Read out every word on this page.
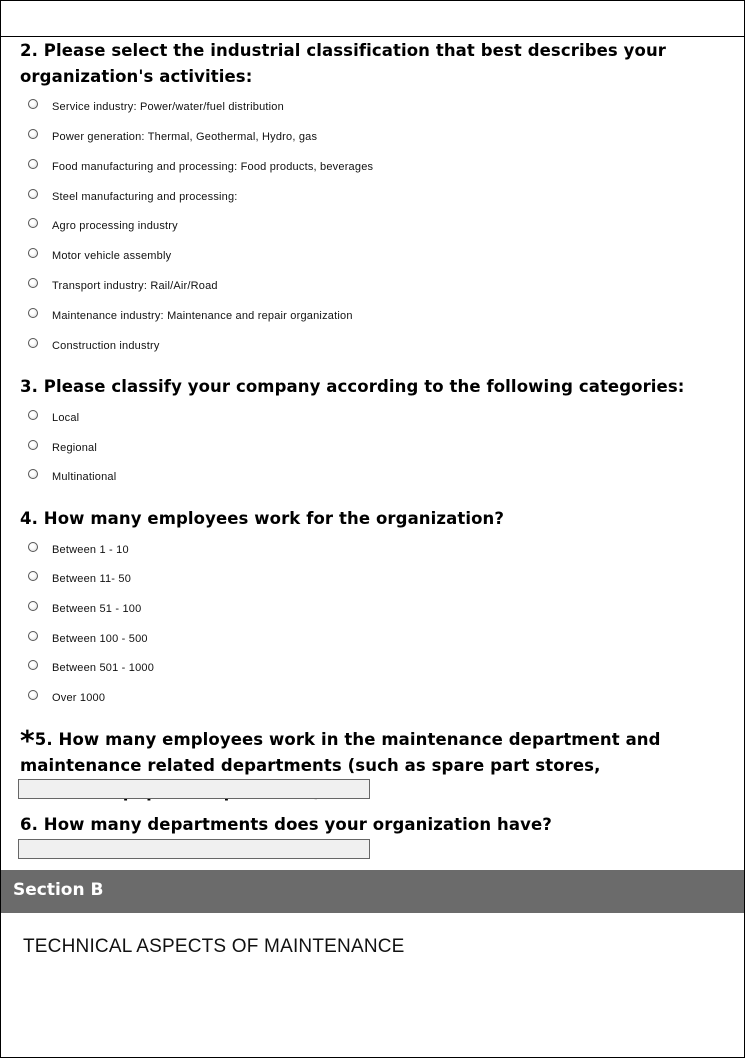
2. Please select the industrial classification that best describes your organization's activities:
Service industry: Power/water/fuel distribution
Power generation: Thermal, Geothermal, Hydro, gas
Food manufacturing and processing: Food products, beverages
Steel manufacturing and processing:
Agro processing industry
Motor vehicle assembly
Transport industry: Rail/Air/Road
Maintenance industry: Maintenance and repair organization
Construction industry
3. Please classify your company according to the following categories:
Local
Regional
Multinational
4. How many employees work for the organization?
Between 1 - 10
Between 11- 50
Between 51 - 100
Between 100 - 500
Between 501 - 1000
Over 1000
*5. How many employees work in the maintenance department and maintenance related departments (such as spare part stores,
6. How many departments does your organization have?
Section B
TECHNICAL ASPECTS OF MAINTENANCE
